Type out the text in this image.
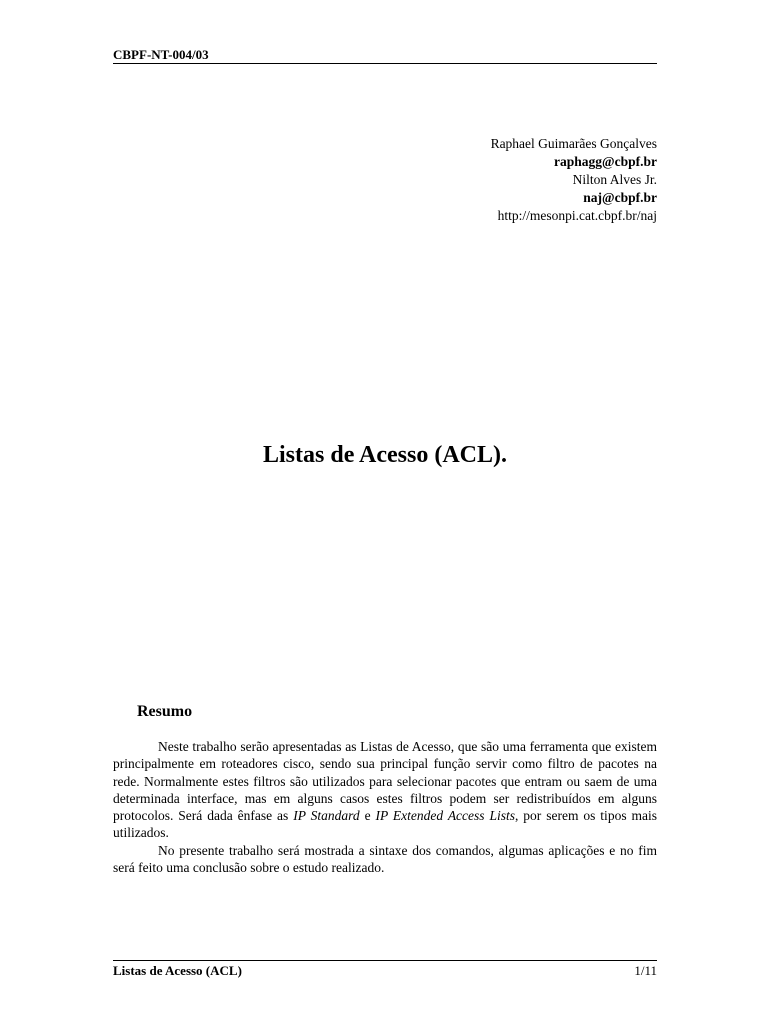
CBPF-NT-004/03
Raphael Guimarães Gonçalves
raphagg@cbpf.br
Nilton Alves Jr.
naj@cbpf.br
http://mesonpi.cat.cbpf.br/naj
Listas de Acesso (ACL).
Resumo

Neste trabalho serão apresentadas as Listas de Acesso, que são uma ferramenta que existem principalmente em roteadores cisco, sendo sua principal função servir como filtro de pacotes na rede. Normalmente estes filtros são utilizados para selecionar pacotes que entram ou saem de uma determinada interface, mas em alguns casos estes filtros podem ser redistribuídos em alguns protocolos. Será dada ênfase as IP Standard e IP Extended Access Lists, por serem os tipos mais utilizados.

No presente trabalho será mostrada a sintaxe dos comandos, algumas aplicações e no fim será feito uma conclusão sobre o estudo realizado.

Listas de Acesso (ACL)	1/11
